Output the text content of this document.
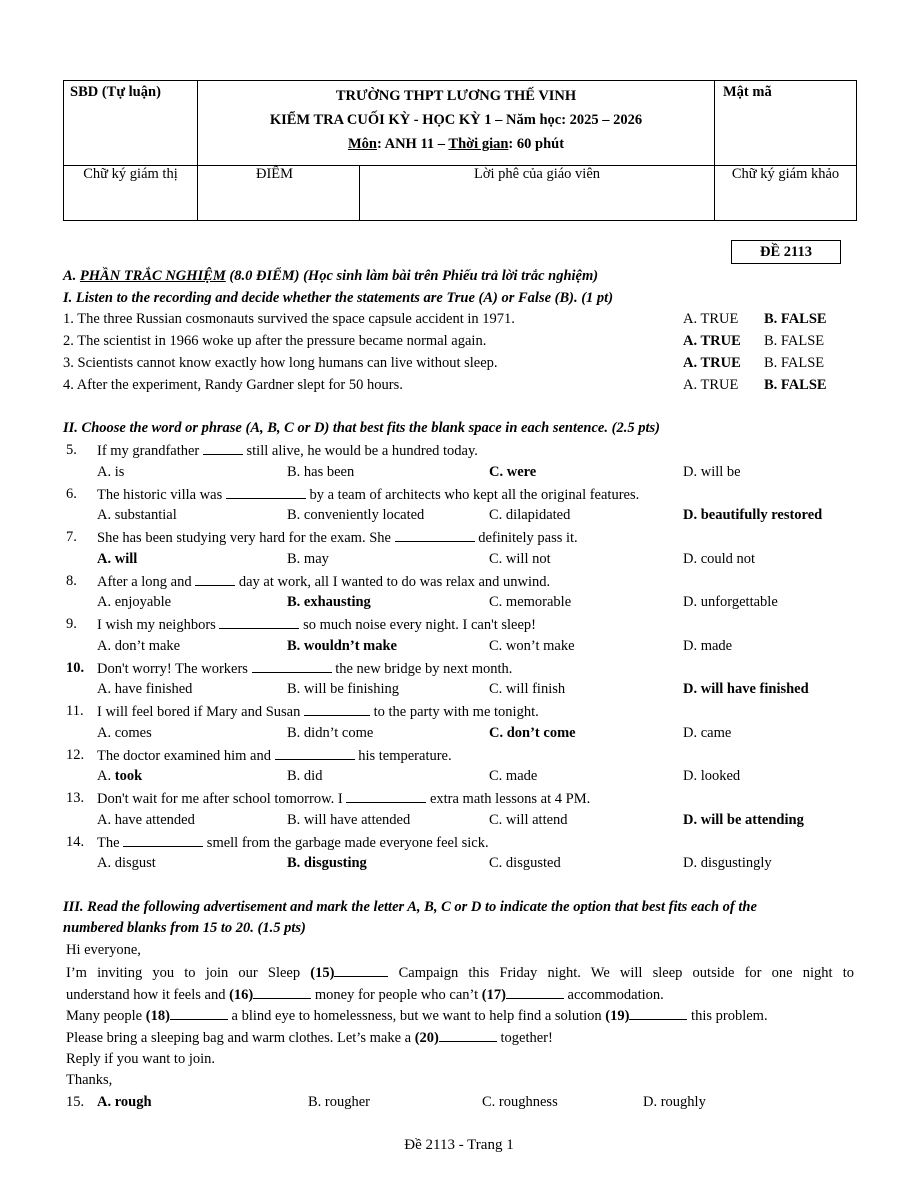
SBD (Tự luận)	TRƯỜNG THPT LƯƠNG THẾ VINH
KIỂM TRA CUỐI KỲ - HỌC KỲ 1 – Năm học: 2025 – 2026
Môn: ANH 11 – Thời gian: 60 phút		Mật mã

Chữ ký giám thị	ĐIỂM	Lời phê của giáo viên	Chữ ký giám khảo
ĐỀ 2113
A. PHẦN TRẮC NGHIỆM (8.0 ĐIỂM) (Học sinh làm bài trên Phiếu trả lời trắc nghiệm)
I. Listen to the recording and decide whether the statements are True (A) or False (B). (1 pt)
1. The three Russian cosmonauts survived the space capsule accident in 1971.	A. TRUE B. FALSE
2. The scientist in 1966 woke up after the pressure became normal again.	A. TRUE B. FALSE
3. Scientists cannot know exactly how long humans can live without sleep.	A. TRUE B. FALSE
4. After the experiment, Randy Gardner slept for 50 hours.	A. TRUE B. FALSE
II. Choose the word or phrase (A, B, C or D) that best fits the blank space in each sentence. (2.5 pts)
5. If my grandfather	still alive, he would be a hundred today.
A. is	B. has been	C. were	D. will be
6. The historic villa was	by a team of architects who kept all the original features.
A. substantial	B. conveniently located	C. dilapidated	D. beautifully restored
7. She has been studying very hard for the exam. She	definitely pass it.
A. will	B. may	C. will not	D. could not
8. After a long and	day at work, all I wanted to do was relax and unwind.
A. enjoyable	B. exhausting	C. memorable	D. unforgettable
9. I wish my neighbors	so much noise every night. I can't sleep!
A. don’t make	B. wouldn’t make	C. won’t make	D. made
10. Don't worry! The workers	the new bridge by next month.
A. have finished	B. will be finishing	C. will finish	D. will have finished
11. I will feel bored if Mary and Susan	to the party with me tonight.
A. comes	B. didn’t come	C. don’t come	D. came
12. The doctor examined him and	his temperature.
A. took	B. did	C. made	D. looked
13. Don't wait for me after school tomorrow. I	extra math lessons at 4 PM.
A. have attended	B. will have attended	C. will attend	D. will be attending
14. The	smell from the garbage made everyone feel sick.
A. disgust	B. disgusting	C. disgusted	D. disgustingly
III. Read the following advertisement and mark the letter A, B, C or D to indicate the option that best fits each of the
numbered blanks from 15 to 20. (1.5 pts)
Hi everyone,
I’m inviting you to join our Sleep (15)	Campaign this Friday night. We will sleep outside for one night to
understand how it feels and (16)	money for people who can’t (17)	accommodation.
Many people (18)	a blind eye to homelessness, but we want to help find a solution (19)	this problem.
Please bring a sleeping bag and warm clothes. Let’s make a (20)	together!
Reply if you want to join.
Thanks,
15. A. rough	B. rougher	C. roughness	D. roughly
Đề 2113 - Trang 1
